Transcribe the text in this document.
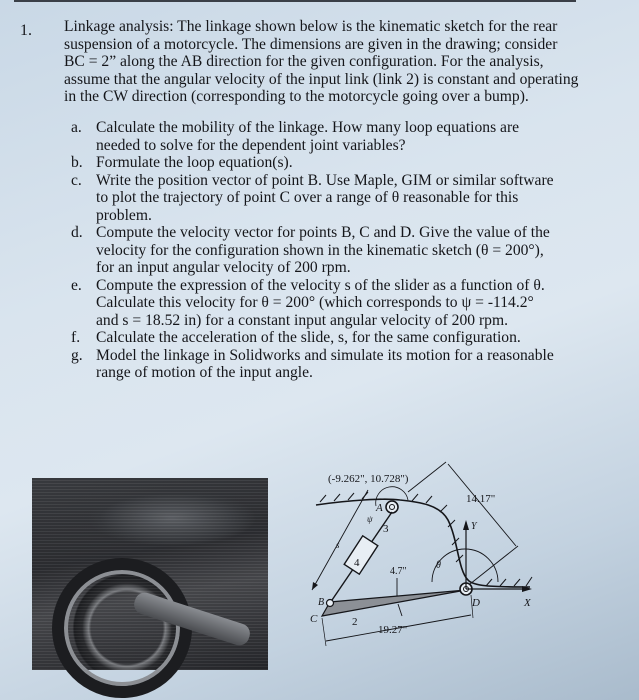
1. Linkage analysis: The linkage shown below is the kinematic sketch for the rear

suspension of a motorcycle. The dimensions are given in the drawing; consider

BC = 2” along the AB direction for the given configuration. For the analysis,

assume that the angular velocity of the input link (link 2) is constant and operating

in the CW direction (corresponding to the motorcycle going over a bump).

a. Calculate the mobility of the linkage. How many loop equations are
needed to solve for the dependent joint variables?
b. Formulate the loop equation(s).
c. Write the position vector of point B. Use Maple, GIM or similar software
to plot the trajectory of point C over a range of θ reasonable for this
problem.
d. Compute the velocity vector for points B, C and D. Give the value of the
velocity for the configuration shown in the kinematic sketch (θ = 200°),
for an input angular velocity of 200 rpm.
e. Compute the expression of the velocity s of the slider as a function of θ.
Calculate this velocity for θ = 200° (which corresponds to ψ = -114.2°
and s = 18.52 in) for a constant input angular velocity of 200 rpm.
f.	Calculate the acceleration of the slide, s, for the same configuration.
g. Model the linkage in Solidworks and simulate its motion for a reasonable
range of motion of the input angle.
(-9.262", 10.728")
14.17"
4.7"
19.27"
A
B
C
D
2
3
4
s
ψ
θ
X
Y
